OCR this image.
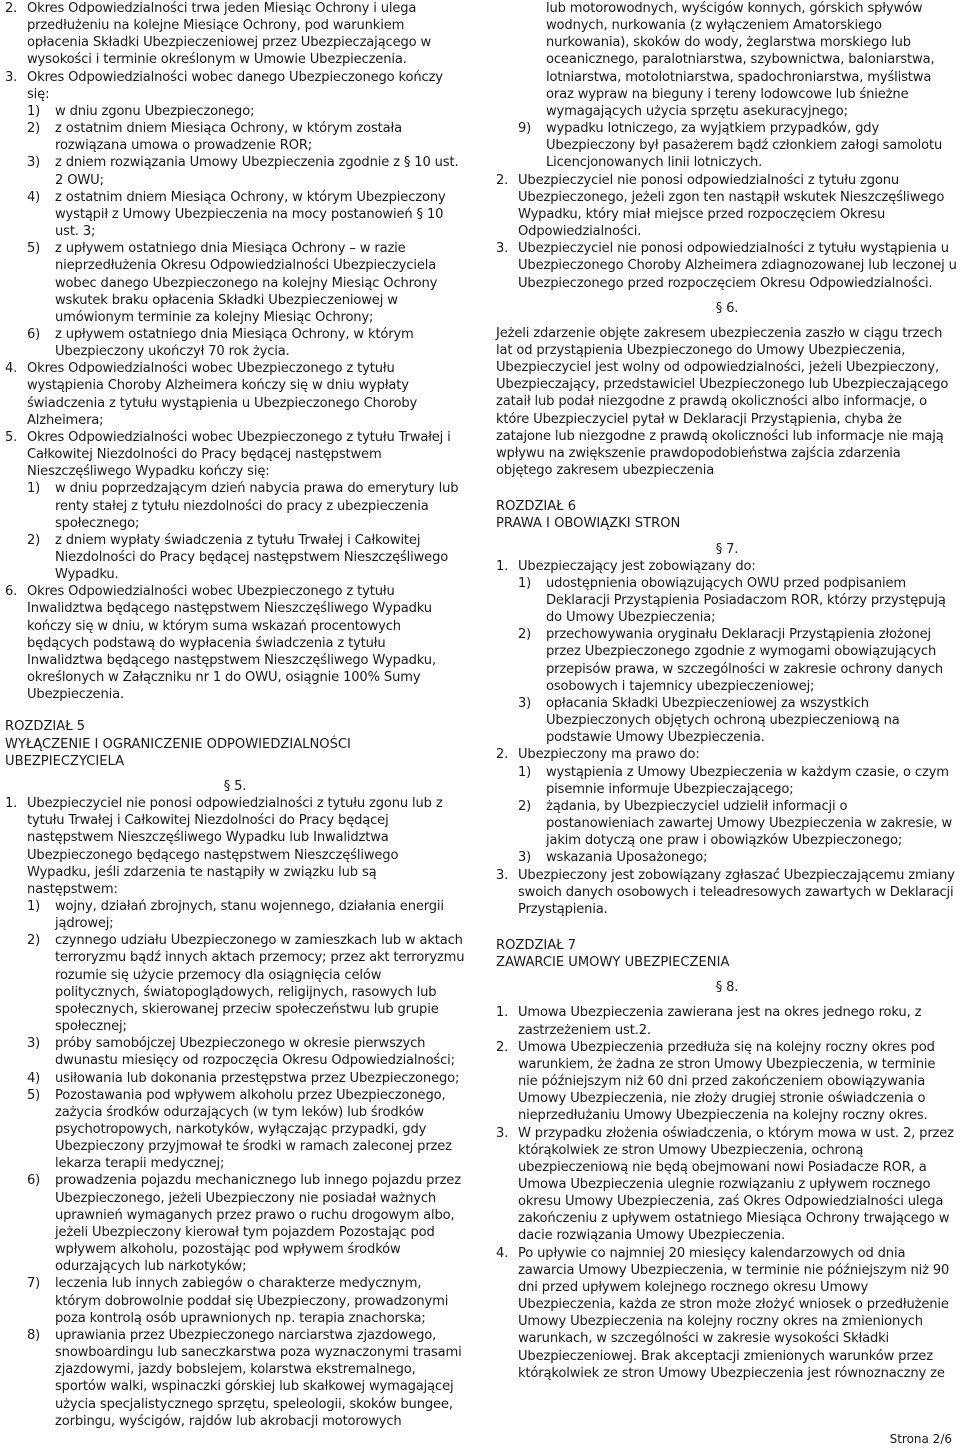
2. Okres Odpowiedzialności trwa jeden Miesiąc Ochrony i ulega przedłużeniu na kolejne Miesiące Ochrony, pod warunkiem opłacenia Składki Ubezpieczeniowej przez Ubezpieczającego w wysokości i terminie określonym w Umowie Ubezpieczenia.
3. Okres Odpowiedzialności wobec danego Ubezpieczonego kończy się:
1)	w dniu zgonu Ubezpieczonego;
2)	z ostatnim dniem Miesiąca Ochrony, w którym została rozwiązana umowa o prowadzenie ROR;
3)	z dniem rozwiązania Umowy Ubezpieczenia zgodnie z § 10 ust. 2 OWU;
4)	z ostatnim dniem Miesiąca Ochrony, w którym Ubezpieczony wystąpił z Umowy Ubezpieczenia na mocy postanowień § 10 ust. 3;
5)	z upływem ostatniego dnia Miesiąca Ochrony – w razie nieprzedłużenia Okresu Odpowiedzialności Ubezpieczyciela wobec danego Ubezpieczonego na kolejny Miesiąc Ochrony wskutek braku opłacenia Składki Ubezpieczeniowej w umówionym terminie za kolejny Miesiąc Ochrony;
6)	z upływem ostatniego dnia Miesiąca Ochrony, w którym Ubezpieczony ukończył 70 rok życia.
4. Okres Odpowiedzialności wobec Ubezpieczonego z tytułu wystąpienia Choroby Alzheimera kończy się w dniu wypłaty świadczenia z tytułu wystąpienia u Ubezpieczonego Choroby Alzheimera;
5. Okres Odpowiedzialności wobec Ubezpieczonego z tytułu Trwałej i Całkowitej Niezdolności do Pracy będącej następstwem Nieszczęśliwego Wypadku kończy się:
1)	w dniu poprzedzającym dzień nabycia prawa do emerytury lub renty stałej z tytułu niezdolności do pracy z ubezpieczenia społecznego;
2)	z dniem wypłaty świadczenia z tytułu Trwałej i Całkowitej Niezdolności do Pracy będącej następstwem Nieszczęśliwego Wypadku.
6. Okres Odpowiedzialności wobec Ubezpieczonego z tytułu Inwalidztwa będącego następstwem Nieszczęśliwego Wypadku kończy się w dniu, w którym suma wskazań procentowych będących podstawą do wypłacenia świadczenia z tytułu Inwalidztwa będącego następstwem Nieszczęśliwego Wypadku, określonych w Załączniku nr 1 do OWU, osiągnie 100% Sumy Ubezpieczenia.
ROZDZIAŁ 5
WYŁĄCZENIE I OGRANICZENIE ODPOWIEDZIALNOŚCI UBEZPIECZYCIELA
§ 5.
1. Ubezpieczyciel nie ponosi odpowiedzialności z tytułu zgonu lub z tytułu Trwałej i Całkowitej Niezdolności do Pracy będącej następstwem Nieszczęśliwego Wypadku lub Inwalidztwa Ubezpieczonego będącego następstwem Nieszczęśliwego Wypadku, jeśli zdarzenia te nastąpiły w związku lub są następstwem:
1)	wojny, działań zbrojnych, stanu wojennego, działania energii jądrowej;
2)	czynnego udziału Ubezpieczonego w zamieszkach lub w aktach terroryzmu bądź innych aktach przemocy; przez akt terroryzmu rozumie się użycie przemocy dla osiągnięcia celów politycznych, światopoglądowych, religijnych, rasowych lub społecznych, skierowanej przeciw społeczeństwu lub grupie społecznej;
3)	próby samobójczej Ubezpieczonego w okresie pierwszych dwunastu miesięcy od rozpoczęcia Okresu Odpowiedzialności;
4)	usiłowania lub dokonania przestępstwa przez Ubezpieczonego;
5)	Pozostawania pod wpływem alkoholu przez Ubezpieczonego, zażycia środków odurzających (w tym leków) lub środków psychotropowych, narkotyków, wyłączając przypadki, gdy Ubezpieczony przyjmował te środki w ramach zaleconej przez lekarza terapii medycznej;
6)	prowadzenia pojazdu mechanicznego lub innego pojazdu przez Ubezpieczonego, jeżeli Ubezpieczony nie posiadał ważnych uprawnień wymaganych przez prawo o ruchu drogowym albo, jeżeli Ubezpieczony kierował tym pojazdem Pozostając pod wpływem alkoholu, pozostając pod wpływem środków odurzających lub narkotyków;
7)	leczenia lub innych zabiegów o charakterze medycznym, którym dobrowolnie poddał się Ubezpieczony, prowadzonymi poza kontrolą osób uprawnionych np. terapia znachorska;
8)	uprawiania przez Ubezpieczonego narciarstwa zjazdowego, snowboardingu lub saneczkarstwa poza wyznaczonymi trasami zjazdowymi, jazdy bobslejem, kolarstwa ekstremalnego, sportów walki, wspinaczki górskiej lub skałkowej wymagającej użycia specjalistycznego sprzętu, speleologii, skoków bungee, zorbingu, wyścigów, rajdów lub akrobacji motorowych
lub motorowodnych, wyścigów konnych, górskich spływów wodnych, nurkowania (z wyłączeniem Amatorskiego nurkowania), skoków do wody, żeglarstwa morskiego lub oceanicznego, paralotniarstwa, szybownictwa, baloniarstwa, lotniarstwa, motolotniarstwa, spadochroniarstwa, myślistwa oraz wypraw na bieguny i tereny lodowcowe lub śnieżne wymagających użycia sprzętu asekuracyjnego;
9)	wypadku lotniczego, za wyjątkiem przypadków, gdy Ubezpieczony był pasażerem bądź członkiem załogi samolotu Licencjonowanych linii lotniczych.
2. Ubezpieczyciel nie ponosi odpowiedzialności z tytułu zgonu Ubezpieczonego, jeżeli zgon ten nastąpił wskutek Nieszczęśliwego Wypadku, który miał miejsce przed rozpoczęciem Okresu Odpowiedzialności.
3. Ubezpieczyciel nie ponosi odpowiedzialności z tytułu wystąpienia u Ubezpieczonego Choroby Alzheimera zdiagnozowanej lub leczonej u Ubezpieczonego przed rozpoczęciem Okresu Odpowiedzialności.
§ 6.

Jeżeli zdarzenie objęte zakresem ubezpieczenia zaszło w ciągu trzech lat od przystąpienia Ubezpieczonego do Umowy Ubezpieczenia, Ubezpieczyciel jest wolny od odpowiedzialności, jeżeli Ubezpieczony, Ubezpieczający, przedstawiciel Ubezpieczonego lub Ubezpieczającego zataił lub podał niezgodne z prawdą okoliczności albo informacje, o które Ubezpieczyciel pytał w Deklaracji Przystąpienia, chyba że zatajone lub niezgodne z prawdą okoliczności lub informacje nie mają wpływu na zwiększenie prawdopodobieństwa zajścia zdarzenia objętego zakresem ubezpieczenia

ROZDZIAŁ 6
PRAWA I OBOWIĄZKI STRON
§ 7.
1. Ubezpieczający jest zobowiązany do:
1)	udostępnienia obowiązujących OWU przed podpisaniem Deklaracji Przystąpienia Posiadaczom ROR, którzy przystępują do Umowy Ubezpieczenia;
2)	przechowywania oryginału Deklaracji Przystąpienia złożonej przez Ubezpieczonego zgodnie z wymogami obowiązujących przepisów prawa, w szczególności w zakresie ochrony danych osobowych i tajemnicy ubezpieczeniowej;
3)	opłacania Składki Ubezpieczeniowej za wszystkich Ubezpieczonych objętych ochroną ubezpieczeniową na podstawie Umowy Ubezpieczenia.
2. Ubezpieczony ma prawo do:
1)	wystąpienia z Umowy Ubezpieczenia w każdym czasie, o czym pisemnie informuje Ubezpieczającego;
2)	żądania, by Ubezpieczyciel udzielił informacji o postanowieniach zawartej Umowy Ubezpieczenia w zakresie, w jakim dotyczą one praw i obowiązków Ubezpieczonego;
3)	wskazania Uposażonego;
3. Ubezpieczony jest zobowiązany zgłaszać Ubezpieczającemu zmiany swoich danych osobowych i teleadresowych zawartych w Deklaracji Przystąpienia.
ROZDZIAŁ 7
ZAWARCIE UMOWY UBEZPIECZENIA
§ 8.
1. Umowa Ubezpieczenia zawierana jest na okres jednego roku, z zastrzeżeniem ust.2.
2. Umowa Ubezpieczenia przedłuża się na kolejny roczny okres pod warunkiem, że żadna ze stron Umowy Ubezpieczenia, w terminie nie późniejszym niż 60 dni przed zakończeniem obowiązywania Umowy Ubezpieczenia, nie złoży drugiej stronie oświadczenia o nieprzedłużaniu Umowy Ubezpieczenia na kolejny roczny okres.
3. W przypadku złożenia oświadczenia, o którym mowa w ust. 2, przez którąkolwiek ze stron Umowy Ubezpieczenia, ochroną ubezpieczeniową nie będą obejmowani nowi Posiadacze ROR, a Umowa Ubezpieczenia ulegnie rozwiązaniu z upływem rocznego okresu Umowy Ubezpieczenia, zaś Okres Odpowiedzialności ulega zakończeniu z upływem ostatniego Miesiąca Ochrony trwającego w dacie rozwiązania Umowy Ubezpieczenia.
4. Po upływie co najmniej 20 miesięcy kalendarzowych od dnia zawarcia Umowy Ubezpieczenia, w terminie nie późniejszym niż 90 dni przed upływem kolejnego rocznego okresu Umowy Ubezpieczenia, każda ze stron może złożyć wniosek o przedłużenie Umowy Ubezpieczenia na kolejny roczny okres na zmienionych warunkach, w szczególności w zakresie wysokości Składki Ubezpieczeniowej. Brak akceptacji zmienionych warunków przez którąkolwiek ze stron Umowy Ubezpieczenia jest równoznaczny ze
Strona 2/6
